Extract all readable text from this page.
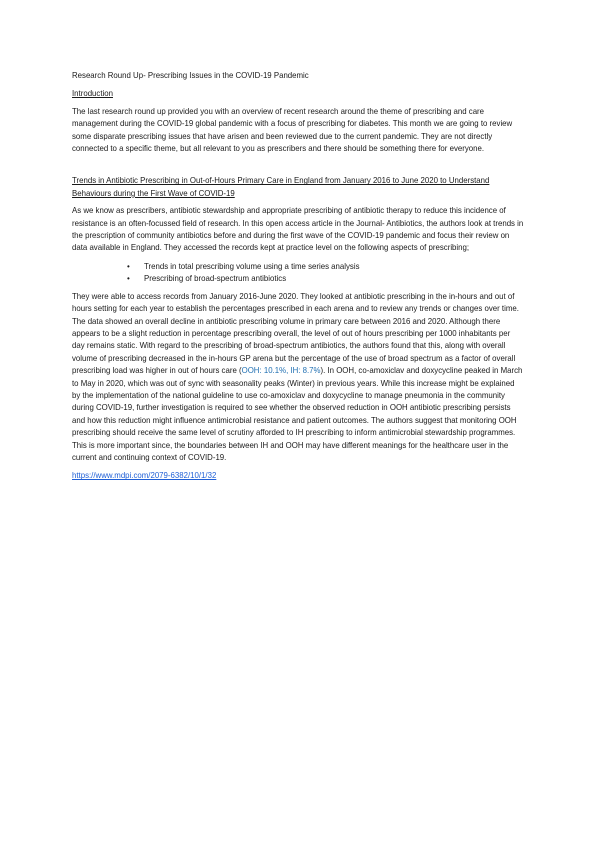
Research Round Up- Prescribing Issues in the COVID-19 Pandemic

Introduction

The last research round up provided you with an overview of recent research around the theme of prescribing and care management during the COVID-19 global pandemic with a focus of prescribing for diabetes. This month we are going to review some disparate prescribing issues that have arisen and been reviewed due to the current pandemic. They are not directly connected to a specific theme, but all relevant to you as prescribers and there should be something there for everyone.

Trends in Antibiotic Prescribing in Out-of-Hours Primary Care in England from January 2016 to June 2020 to Understand Behaviours during the First Wave of COVID-19

As we know as prescribers, antibiotic stewardship and appropriate prescribing of antibiotic therapy to reduce this incidence of resistance is an often-focussed field of research. In this open access article in the Journal- Antibiotics, the authors look at trends in the prescription of community antibiotics before and during the first wave of the COVID-19 pandemic and focus their review on data available in England. They accessed the records kept at practice level on the following aspects of prescribing;

• Trends in total prescribing volume using a time series analysis
• Prescribing of broad-spectrum antibiotics

They were able to access records from January 2016-June 2020. They looked at antibiotic prescribing in the in-hours and out of hours setting for each year to establish the percentages prescribed in each arena and to review any trends or changes over time. The data showed an overall decline in antibiotic prescribing volume in primary care between 2016 and 2020. Although there appears to be a slight reduction in percentage prescribing overall, the level of out of hours prescribing per 1000 inhabitants per day remains static. With regard to the prescribing of broad-spectrum antibiotics, the authors found that this, along with overall volume of prescribing decreased in the in-hours GP arena but the percentage of the use of broad spectrum as a factor of overall prescribing load was higher in out of hours care (OOH: 10.1%, IH: 8.7%). In OOH, co-amoxiclav and doxycycline peaked in March to May in 2020, which was out of sync with seasonality peaks (Winter) in previous years. While this increase might be explained by the implementation of the national guideline to use co-amoxiclav and doxycycline to manage pneumonia in the community during COVID-19, further investigation is required to see whether the observed reduction in OOH antibiotic prescribing persists and how this reduction might influence antimicrobial resistance and patient outcomes. The authors suggest that monitoring OOH prescribing should receive the same level of scrutiny afforded to IH prescribing to inform antimicrobial stewardship programmes. This is more important since, the boundaries between IH and OOH may have different meanings for the healthcare user in the current and continuing context of COVID-19.

https://www.mdpi.com/2079-6382/10/1/32
